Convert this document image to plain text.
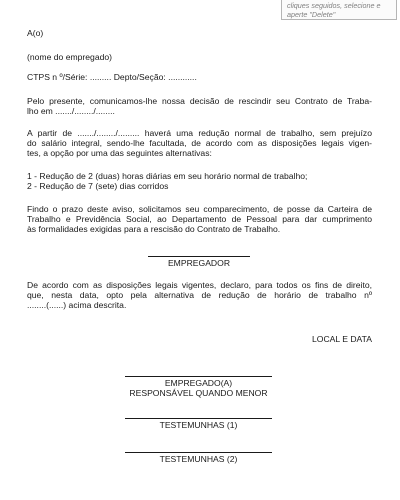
cliques seguidos, selecione e aperte "Delete"

A(o)

(nome do empregado)

CTPS n º/Série: ......... Depto/Seção: ............

Pelo presente, comunicamos-lhe nossa decisão de rescindir seu Contrato de Traba-

lho em ......./......../........

A partir de ......./......../......... haverá uma redução normal de trabalho, sem prejuízo

do salário integral, sendo-lhe facultada, de acordo com as disposições legais vigen-

tes, a opção por uma das seguintes alternativas:

1 - Redução de 2 (duas) horas diárias em seu horário normal de trabalho;

2 - Redução de 7 (sete) dias corridos

Findo o prazo deste aviso, solicitamos seu comparecimento, de posse da Carteira de

Trabalho e Previdência Social, ao Departamento de Pessoal para dar cumprimento

às formalidades exigidas para a rescisão do Contrato de Trabalho.

EMPREGADOR

De acordo com as disposições legais vigentes, declaro, para todos os fins de direito,

que, nesta data, opto pela alternativa de redução de horário de trabalho nº

........(......) acima descrita.

LOCAL E DATA

EMPREGADO(A)

RESPONSÁVEL QUANDO MENOR

TESTEMUNHAS (1)
TESTEMUNHAS (2)
